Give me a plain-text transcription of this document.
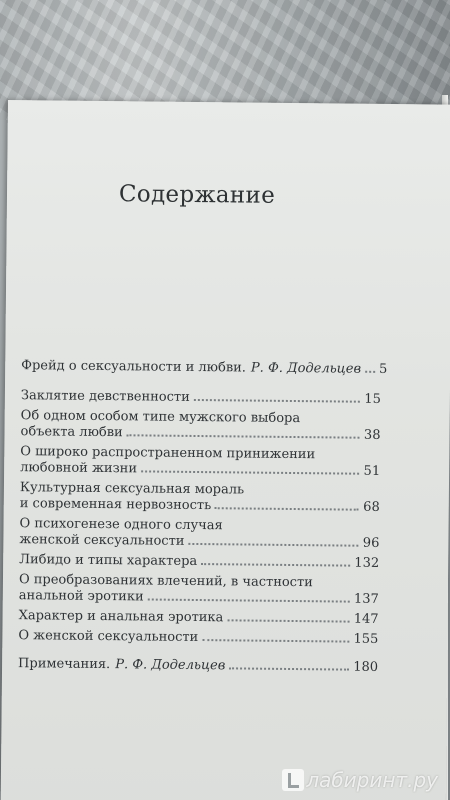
Содержание
Фрейд о сексуальности и любви. Р. Ф. Додельцев 5
Заклятие девственности	15
Об одном особом типе мужского выбора
объекта любви	38
О широко распространенном принижении
любовной жизни	51
Культурная сексуальная мораль
и современная нервозность	68
О психогенезе одного случая
женской сексуальности	96
Либидо и типы характера	132
О преобразованиях влечений, в частности
анальной эротики	137
Характер и анальная эротика	147
О женской сексуальности	155
Примечания. Р. Ф. Додельцев	180
лабиринт.ру
